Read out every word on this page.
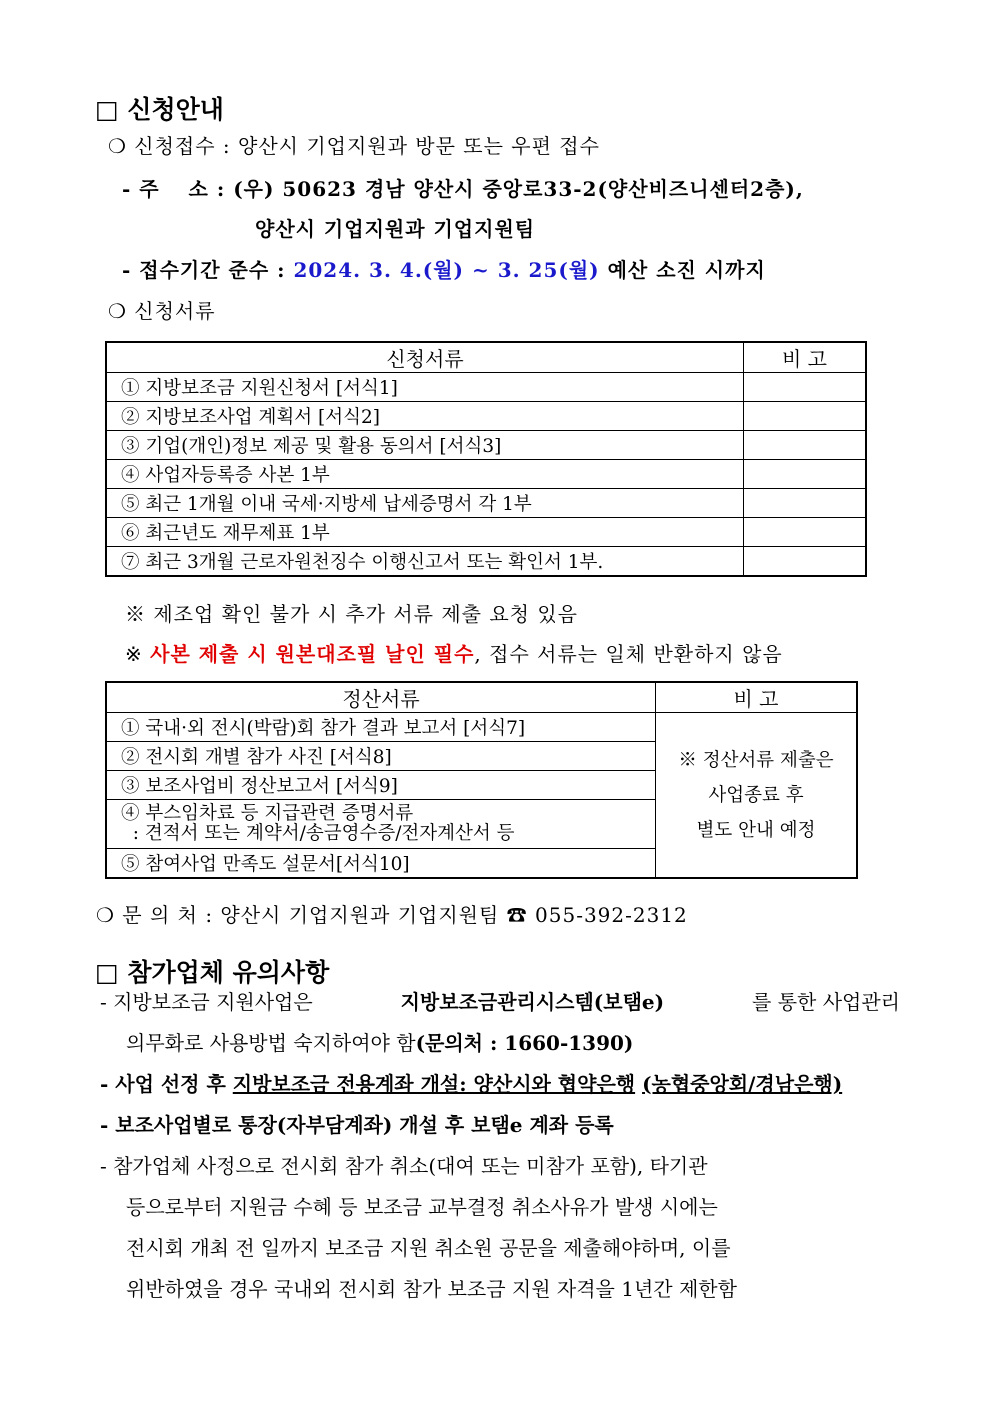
□ 신청안내
❍ 신청접수 : 양산시 기업지원과 방문 또는 우편 접수
- 주　 소 : (우) 50623 경남 양산시 중앙로33-2(양산비즈니센터2층),
양산시 기업지원과 기업지원팀
- 접수기간 준수 : 2024. 3. 4.(월) ~ 3. 25(월) 예산 소진 시까지
❍ 신청서류
신청서류	비 고
① 지방보조금 지원신청서 [서식1]	
② 지방보조사업 계획서 [서식2]	
③ 기업(개인)정보 제공 및 활용 동의서 [서식3]	
④ 사업자등록증 사본 1부	
⑤ 최근 1개월 이내 국세·지방세 납세증명서 각 1부	
⑥ 최근년도 재무제표 1부	
⑦ 최근 3개월 근로자원천징수 이행신고서 또는 확인서 1부.	
※ 제조업 확인 불가 시 추가 서류 제출 요청 있음
※ 사본 제출 시 원본대조필 날인 필수, 접수 서류는 일체 반환하지 않음
정산서류	비 고
① 국내·외 전시(박람)회 참가 결과 보고서 [서식7]	※ 정산서류 제출은
사업종료 후
별도 안내 예정

② 전시회 개별 참가 사진 [서식8]	
③ 보조사업비 정산보고서 [서식9]	

④ 부스임차료 등 지급관련 증명서류
: 견적서 또는 계약서/송금영수증/전자계산서 등	

⑤ 참여사업 만족도 설문서[서식10]	
❍ 문 의 처 : 양산시 기업지원과 기업지원팀 ☎ 055-392-2312
□ 참가업체 유의사항
- 지방보조금 지원사업은	지방보조금관리시스템(보탬e)	를 통한 사업관리
의무화로 사용방법 숙지하여야 함(문의처 : 1660-1390)
- 사업 선정 후 지방보조금 전용계좌 개설: 양산시와 협약은행 (농협중앙회/경남은행)
- 보조사업별로 통장(자부담계좌) 개설 후 보탬e 계좌 등록
- 참가업체 사정으로 전시회 참가 취소(대여 또는 미참가 포함), 타기관
등으로부터 지원금 수혜 등 보조금 교부결정 취소사유가 발생 시에는
전시회 개최 전 일까지 보조금 지원 취소원 공문을 제출해야하며, 이를
위반하였을 경우 국내외 전시회 참가 보조금 지원 자격을 1년간 제한함
